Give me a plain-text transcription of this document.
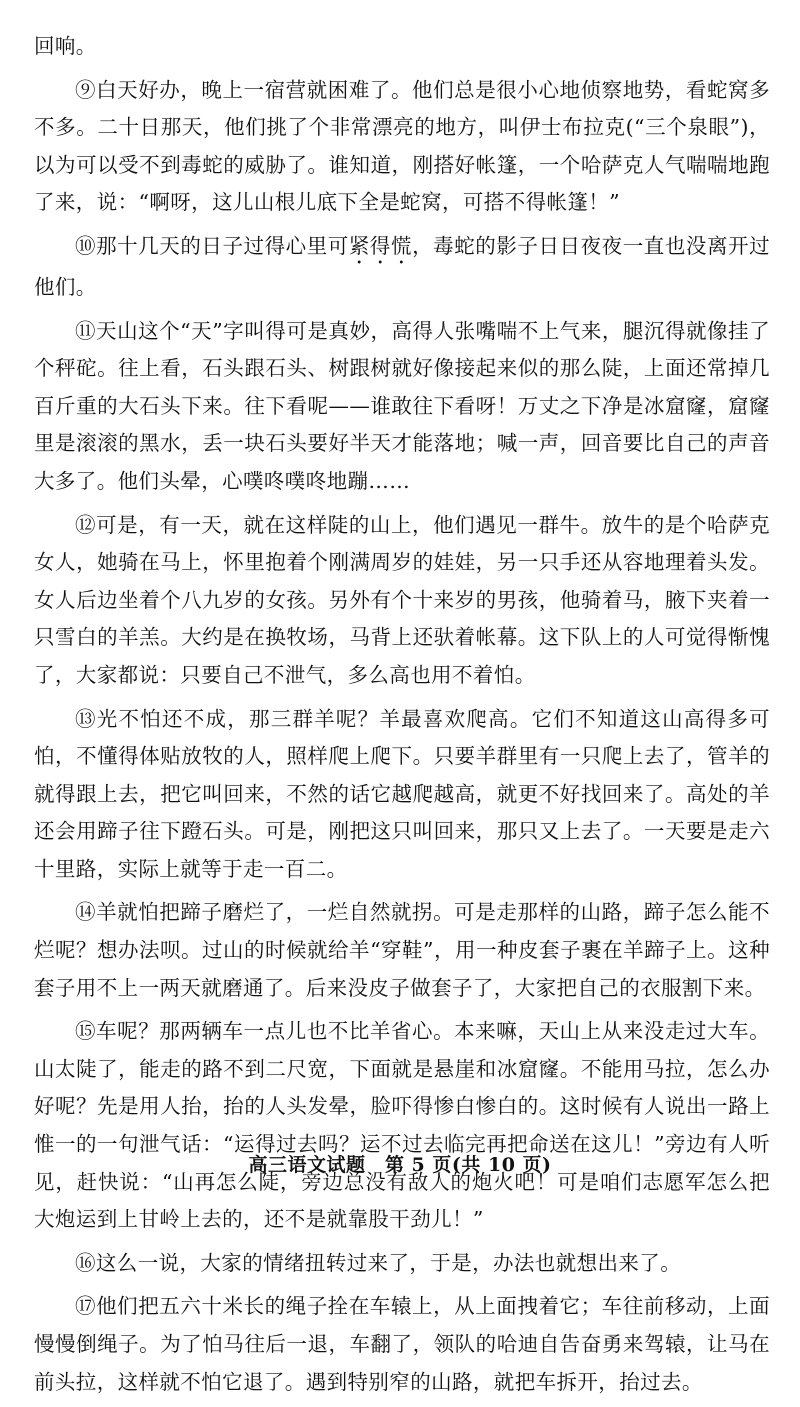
回响。

⑨白天好办，晚上一宿营就困难了。他们总是很小心地侦察地势，看蛇窝多不多。二十日那天，他们挑了个非常漂亮的地方，叫伊士布拉克(“三个泉眼”)，以为可以受不到毒蛇的威胁了。谁知道，刚搭好帐篷，一个哈萨克人气喘喘地跑了来，说：“啊呀，这儿山根儿底下全是蛇窝，可搭不得帐篷！”

⑩那十几天的日子过得心里可紧得慌，毒蛇的影子日日夜夜一直也没离开过他们。

⑪天山这个“天”字叫得可是真妙，高得人张嘴喘不上气来，腿沉得就像挂了个秤砣。往上看，石头跟石头、树跟树就好像接起来似的那么陡，上面还常掉几百斤重的大石头下来。往下看呢——谁敢往下看呀！万丈之下净是冰窟窿，窟窿里是滚滚的黑水，丢一块石头要好半天才能落地；喊一声，回音要比自己的声音大多了。他们头晕，心噗咚噗咚地蹦……

⑫可是，有一天，就在这样陡的山上，他们遇见一群牛。放牛的是个哈萨克女人，她骑在马上，怀里抱着个刚满周岁的娃娃，另一只手还从容地理着头发。女人后边坐着个八九岁的女孩。另外有个十来岁的男孩，他骑着马，腋下夹着一只雪白的羊羔。大约是在换牧场，马背上还驮着帐幕。这下队上的人可觉得惭愧了，大家都说：只要自己不泄气，多么高也用不着怕。

⑬光不怕还不成，那三群羊呢？羊最喜欢爬高。它们不知道这山高得多可怕，不懂得体贴放牧的人，照样爬上爬下。只要羊群里有一只爬上去了，管羊的就得跟上去，把它叫回来，不然的话它越爬越高，就更不好找回来了。高处的羊还会用蹄子往下蹬石头。可是，刚把这只叫回来，那只又上去了。一天要是走六十里路，实际上就等于走一百二。

⑭羊就怕把蹄子磨烂了，一烂自然就拐。可是走那样的山路，蹄子怎么能不烂呢？想办法呗。过山的时候就给羊“穿鞋”，用一种皮套子裹在羊蹄子上。这种套子用不上一两天就磨通了。后来没皮子做套子了，大家把自己的衣服割下来。

⑮车呢？那两辆车一点儿也不比羊省心。本来嘛，天山上从来没走过大车。山太陡了，能走的路不到二尺宽，下面就是悬崖和冰窟窿。不能用马拉，怎么办好呢？先是用人抬，抬的人头发晕，脸吓得惨白惨白的。这时候有人说出一路上惟一的一句泄气话：“运得过去吗？运不过去临完再把命送在这儿！”旁边有人听见，赶快说：“山再怎么陡，旁边总没有敌人的炮火吧！可是咱们志愿军怎么把大炮运到上甘岭上去的，还不是就靠股干劲儿！”

⑯这么一说，大家的情绪扭转过来了，于是，办法也就想出来了。

⑰他们把五六十米长的绳子拴在车辕上，从上面拽着它；车往前移动，上面慢慢倒绳子。为了怕马往后一退，车翻了，领队的哈迪自告奋勇来驾辕，让马在前头拉，这样就不怕它退了。遇到特别窄的山路，就把车拆开，抬过去。

高三语文试题　第 5 页(共 10 页)
